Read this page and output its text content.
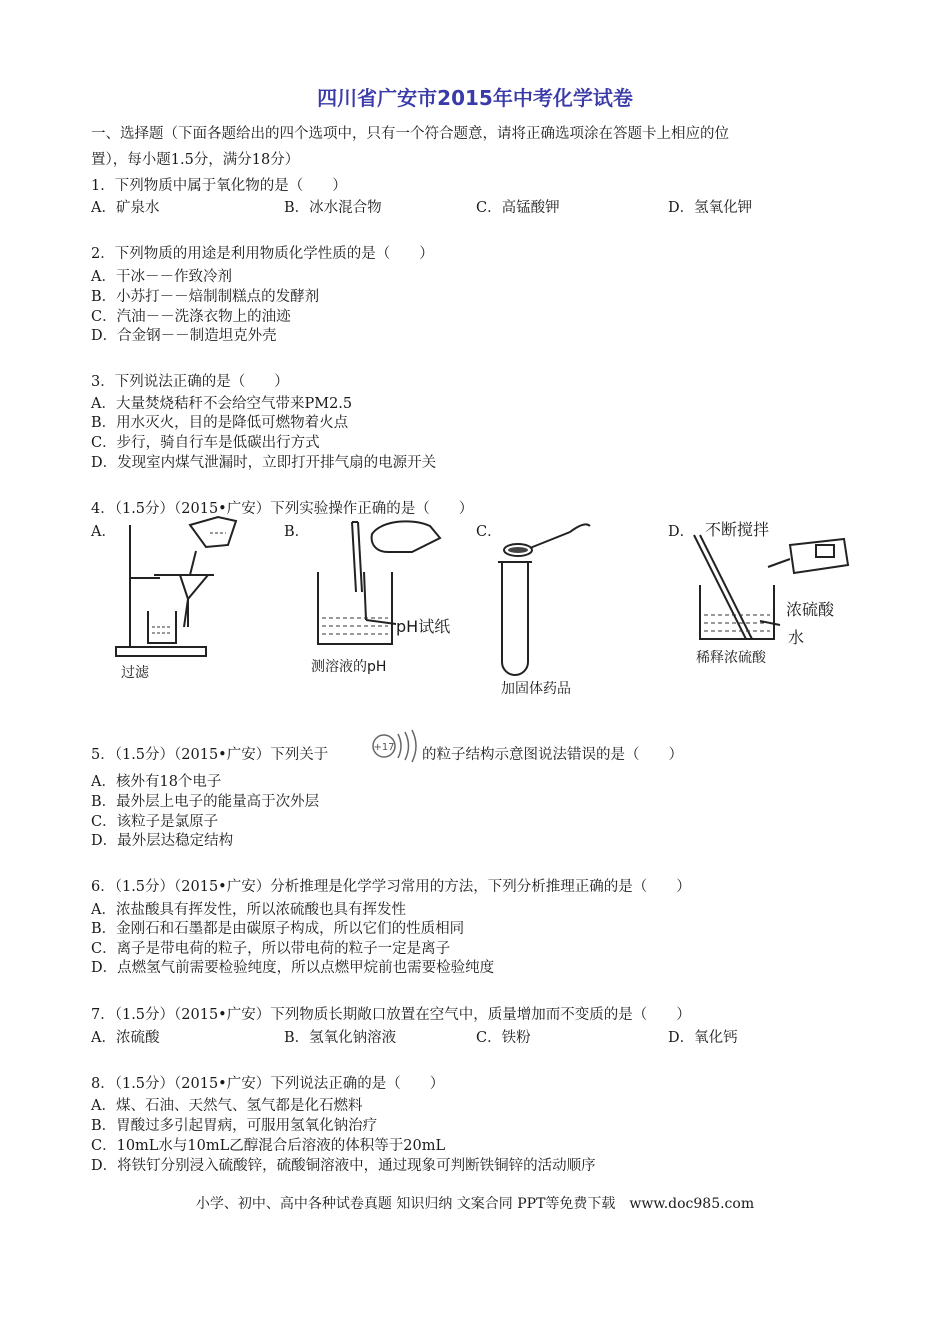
四川省广安市2015年中考化学试卷
一、选择题（下面各题给出的四个选项中，只有一个符合题意，请将正确选项涂在答题卡上相应的位
置），每小题1.5分，满分18分）
1．下列物质中属于氧化物的是（　　）
A．矿泉水	B．冰水混合物	C．高锰酸钾	D．氢氧化钾
2．下列物质的用途是利用物质化学性质的是（　　）
A．干冰－－作致冷剂
B．小苏打－－焙制制糕点的发酵剂
C．汽油－－洗涤衣物上的油迹
D．合金钢－－制造坦克外壳
3．下列说法正确的是（　　）
A．大量焚烧秸秆不会给空气带来PM2.5
B．用水灭火，目的是降低可燃物着火点
C．步行，骑自行车是低碳出行方式
D．发现室内煤气泄漏时，立即打开排气扇的电源开关
4．（1.5分）（2015•广安）下列实验操作正确的是（　　）
A．	B．	C．	D．
过滤
pH试纸
测溶液的pH
加固体药品
不断搅拌
浓硫酸
水
稀释浓硫酸
5．（1.5分）（2015•广安）下列关于	+17 的粒子结构示意图说法错误的是（　　）
A．核外有18个电子
B．最外层上电子的能量高于次外层
C．该粒子是氯原子
D．最外层达稳定结构
6．（1.5分）（2015•广安）分析推理是化学学习常用的方法，下列分析推理正确的是（　　）
A．浓盐酸具有挥发性，所以浓硫酸也具有挥发性
B．金刚石和石墨都是由碳原子构成，所以它们的性质相同
C．离子是带电荷的粒子，所以带电荷的粒子一定是离子
D．点燃氢气前需要检验纯度，所以点燃甲烷前也需要检验纯度
7．（1.5分）（2015•广安）下列物质长期敞口放置在空气中，质量增加而不变质的是（　　）
A．浓硫酸	B．氢氧化钠溶液	C．铁粉	D．氧化钙
8．（1.5分）（2015•广安）下列说法正确的是（　　）
A．煤、石油、天然气、氢气都是化石燃料
B．胃酸过多引起胃病，可服用氢氧化钠治疗
C．10mL水与10mL乙醇混合后溶液的体积等于20mL
D．将铁钉分别浸入硫酸锌，硫酸铜溶液中，通过现象可判断铁铜锌的活动顺序
小学、初中、高中各种试卷真题 知识归纳 文案合同 PPT等免费下载　www.doc985.com
